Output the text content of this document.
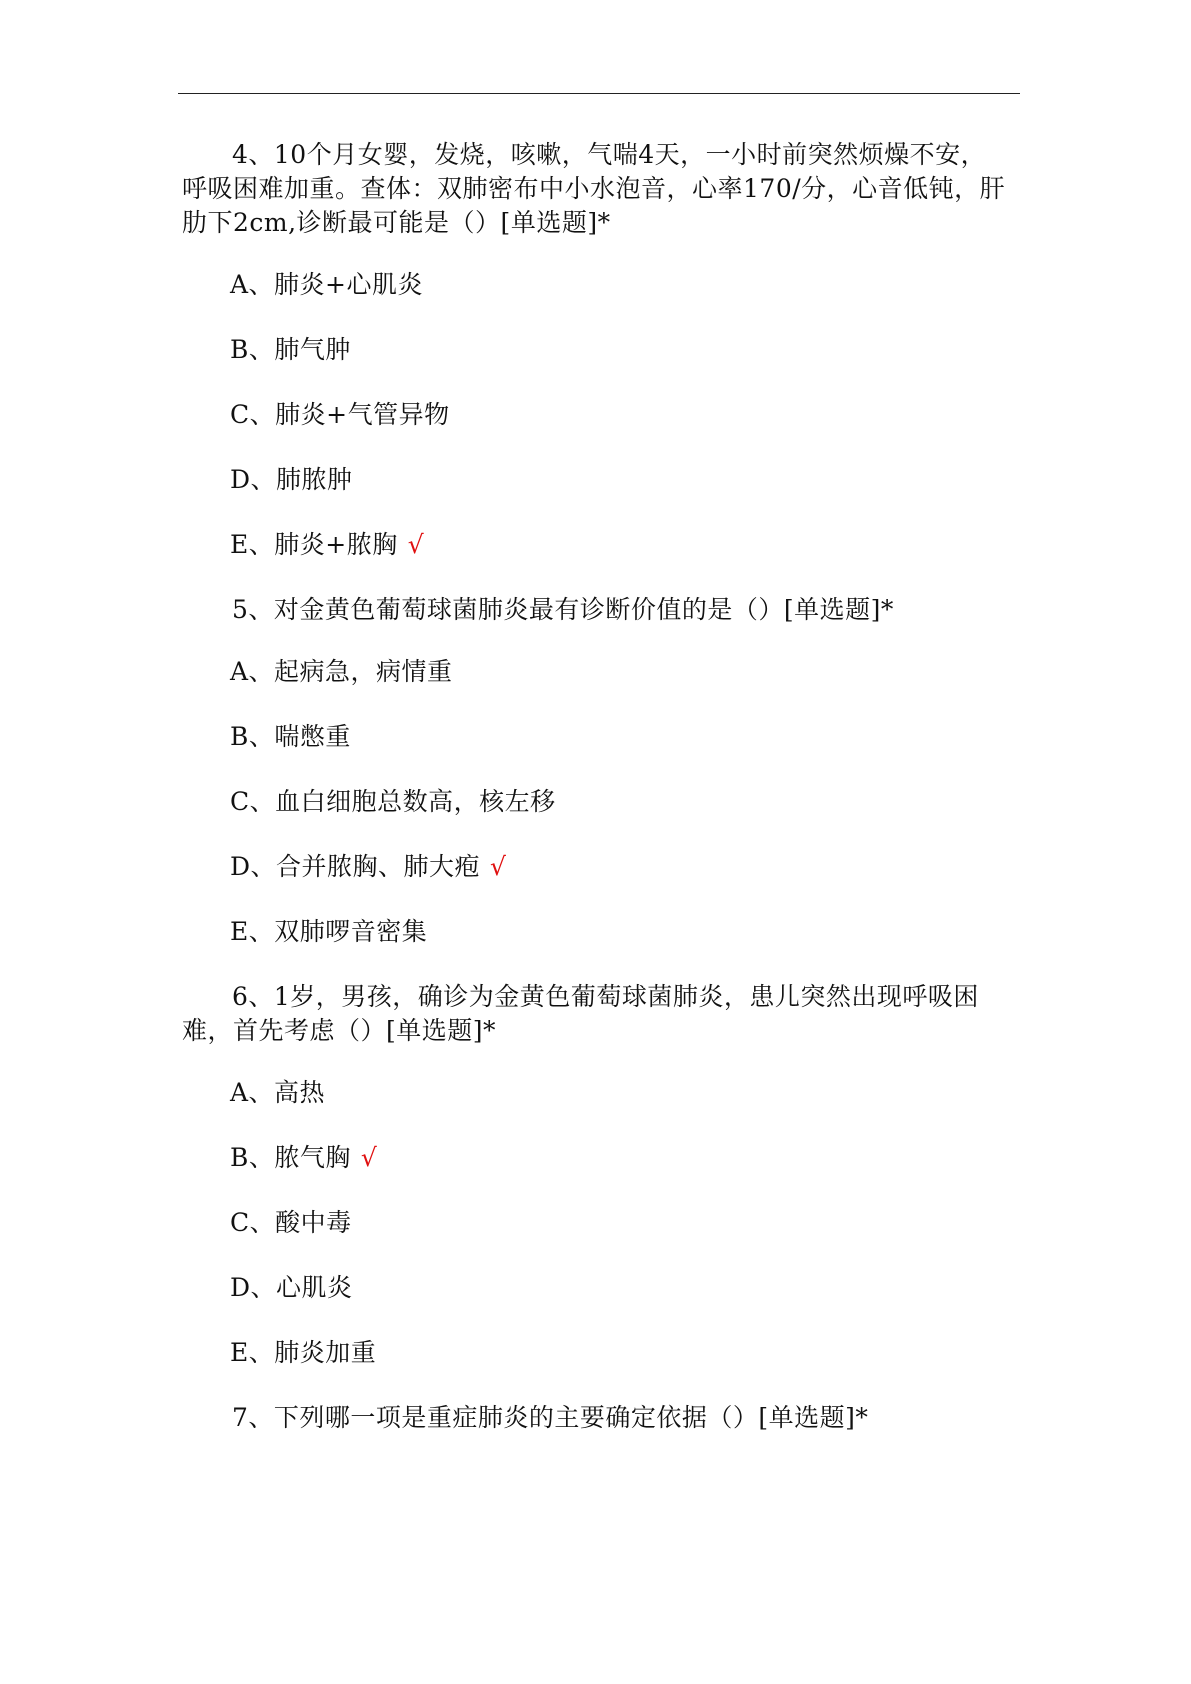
4、10个月女婴，发烧，咳嗽，气喘4天，一小时前突然烦燥不安，呼吸困难加重。查体：双肺密布中小水泡音，心率170/分，心音低钝，肝肋下2cm,诊断最可能是（）[单选题]*

A、肺炎+心肌炎
B、肺气肿
C、肺炎+气管异物
D、肺脓肿
E、肺炎+脓胸 √

5、对金黄色葡萄球菌肺炎最有诊断价值的是（）[单选题]*

A、起病急，病情重
B、喘憋重
C、血白细胞总数高，核左移
D、合并脓胸、肺大疱 √
E、双肺啰音密集

6、1岁，男孩，确诊为金黄色葡萄球菌肺炎，患儿突然出现呼吸困难，首先考虑（）[单选题]*

A、高热
B、脓气胸 √
C、酸中毒
D、心肌炎
E、肺炎加重

7、下列哪一项是重症肺炎的主要确定依据（）[单选题]*
